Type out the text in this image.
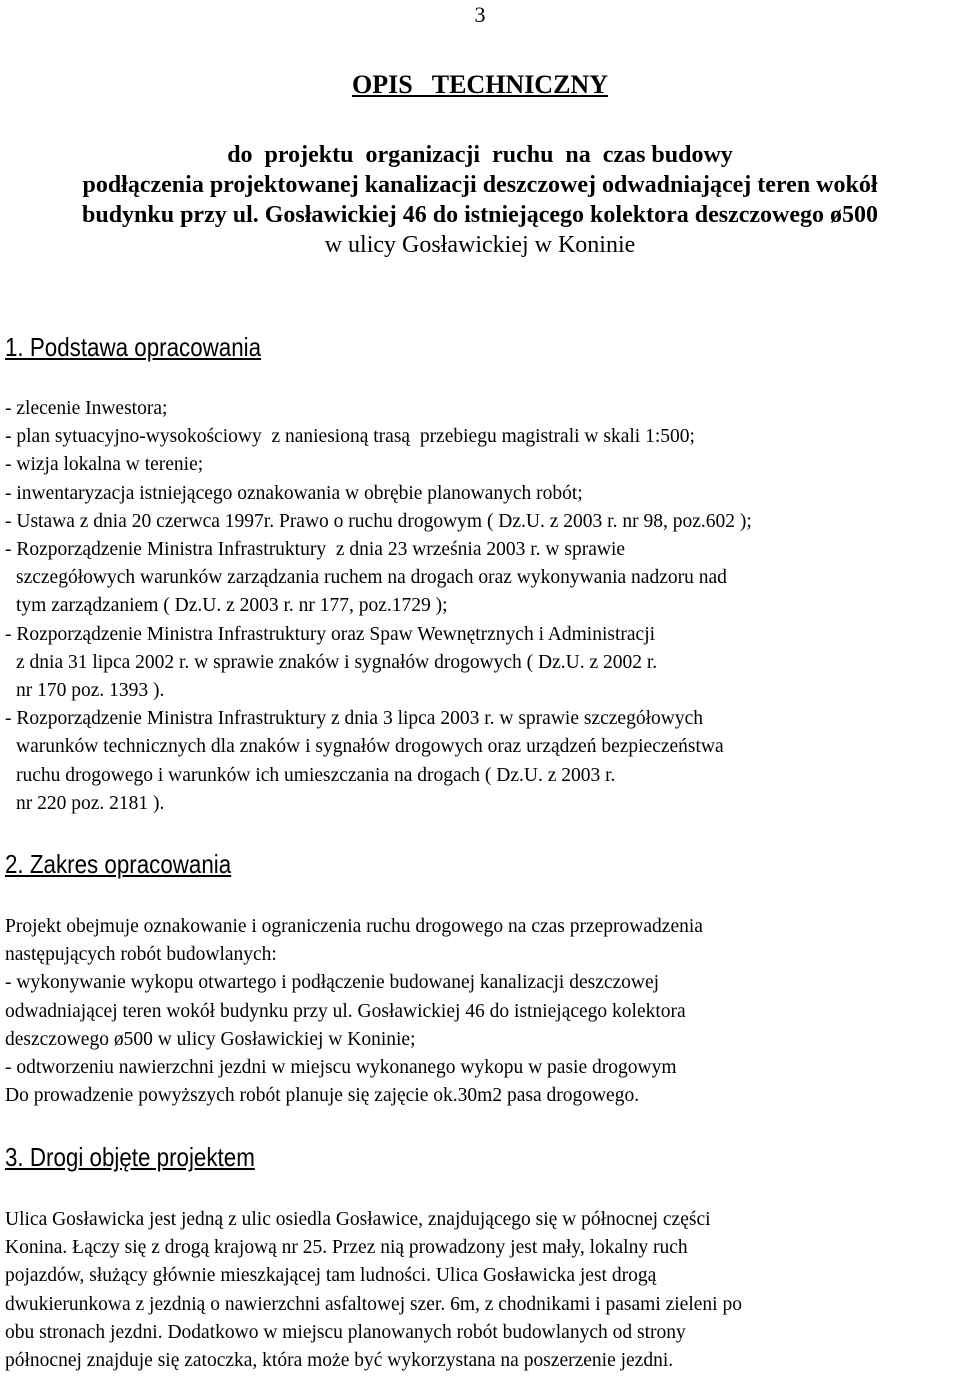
3
OPIS   TECHNICZNY
do  projektu  organizacji  ruchu  na  czas budowy
podłączenia projektowanej kanalizacji deszczowej odwadniającej teren wokół
budynku przy ul. Gosławickiej 46 do istniejącego kolektora deszczowego ø500
w ulicy Gosławickiej w Koninie
1. Podstawa opracowania
- zlecenie Inwestora;
- plan sytuacyjno-wysokościowy  z naniesioną trasą  przebiegu magistrali w skali 1:500;
- wizja lokalna w terenie;
- inwentaryzacja istniejącego oznakowania w obrębie planowanych robót;
- Ustawa z dnia 20 czerwca 1997r. Prawo o ruchu drogowym ( Dz.U. z 2003 r. nr 98, poz.602 );
- Rozporządzenie Ministra Infrastruktury  z dnia 23 września 2003 r. w sprawie
szczegółowych warunków zarządzania ruchem na drogach oraz wykonywania nadzoru nad
tym zarządzaniem ( Dz.U. z 2003 r. nr 177, poz.1729 );
- Rozporządzenie Ministra Infrastruktury oraz Spaw Wewnętrznych i Administracji
z dnia 31 lipca 2002 r. w sprawie znaków i sygnałów drogowych ( Dz.U. z 2002 r.
nr 170 poz. 1393 ).
- Rozporządzenie Ministra Infrastruktury z dnia 3 lipca 2003 r. w sprawie szczegółowych
warunków technicznych dla znaków i sygnałów drogowych oraz urządzeń bezpieczeństwa
ruchu drogowego i warunków ich umieszczania na drogach ( Dz.U. z 2003 r.
nr 220 poz. 2181 ).
2. Zakres opracowania
Projekt obejmuje oznakowanie i ograniczenia ruchu drogowego na czas przeprowadzenia
następujących robót budowlanych:
- wykonywanie wykopu otwartego i podłączenie budowanej kanalizacji deszczowej
odwadniającej teren wokół budynku przy ul. Gosławickiej 46 do istniejącego kolektora
deszczowego ø500 w ulicy Gosławickiej w Koninie;
- odtworzeniu nawierzchni jezdni w miejscu wykonanego wykopu w pasie drogowym
Do prowadzenie powyższych robót planuje się zajęcie ok.30m2 pasa drogowego.
3. Drogi objęte projektem
Ulica Gosławicka jest jedną z ulic osiedla Gosławice, znajdującego się w północnej części
Konina. Łączy się z drogą krajową nr 25. Przez nią prowadzony jest mały, lokalny ruch
pojazdów, służący głównie mieszkającej tam ludności. Ulica Gosławicka jest drogą
dwukierunkowa z jezdnią o nawierzchni asfaltowej szer. 6m, z chodnikami i pasami zieleni po
obu stronach jezdni. Dodatkowo w miejscu planowanych robót budowlanych od strony
północnej znajduje się zatoczka, która może być wykorzystana na poszerzenie jezdni.
